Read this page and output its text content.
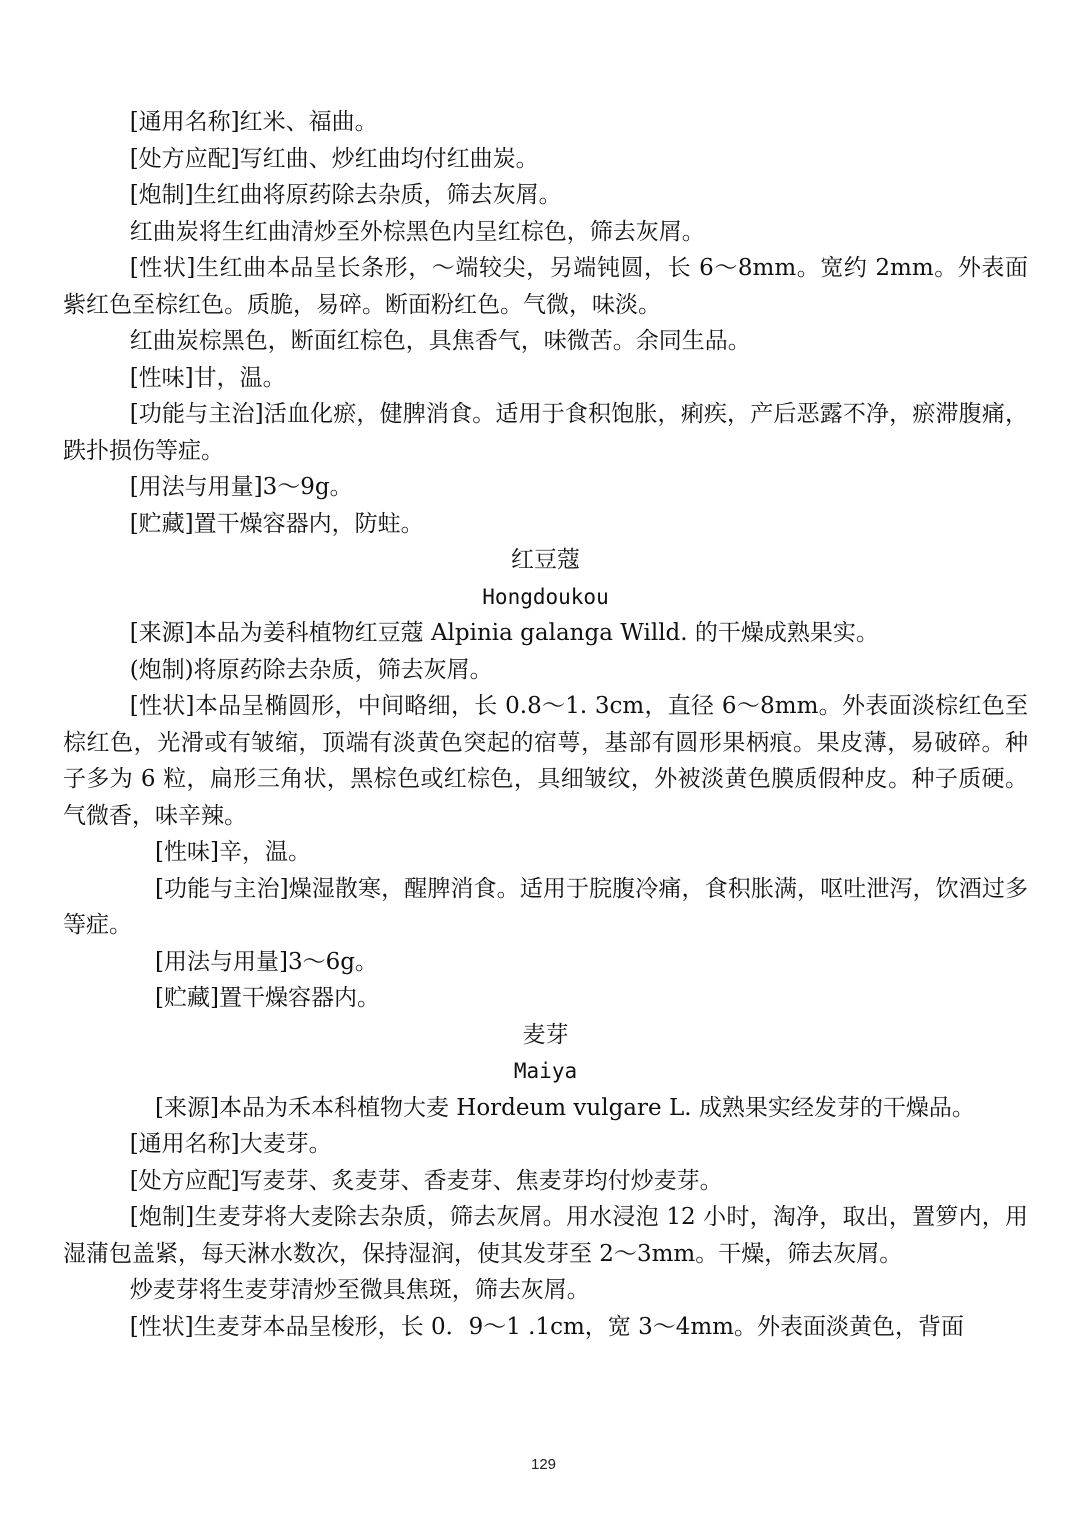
[通用名称]红米、福曲。

[处方应配]写红曲、炒红曲均付红曲炭。

[炮制]生红曲将原药除去杂质，筛去灰屑。

红曲炭将生红曲清炒至外棕黑色内呈红棕色，筛去灰屑。

[性状]生红曲本品呈长条形，～端较尖，另端钝圆，长 6～8mm。宽约 2mm。外表面紫红色至棕红色。质脆，易碎。断面粉红色。气微，味淡。

红曲炭棕黑色，断面红棕色，具焦香气，味微苦。余同生品。

[性味]甘，温。

[功能与主治]活血化瘀，健脾消食。适用于食积饱胀，痢疾，产后恶露不净，瘀滞腹痛，跌扑损伤等症。

[用法与用量]3～9g。

[贮藏]置干燥容器内，防蛀。

红豆蔻

Hongdoukou

[来源]本品为姜科植物红豆蔻 Alpinia galanga Willd. 的干燥成熟果实。

(炮制)将原药除去杂质，筛去灰屑。

[性状]本品呈椭圆形，中间略细，长 0.8～1. 3cm，直径 6～8mm。外表面淡棕红色至棕红色，光滑或有皱缩，顶端有淡黄色突起的宿萼，基部有圆形果柄痕。果皮薄，易破碎。种子多为 6 粒，扁形三角状，黑棕色或红棕色，具细皱纹，外被淡黄色膜质假种皮。种子质硬。气微香，味辛辣。

[性味]辛，温。

[功能与主治]燥湿散寒，醒脾消食。适用于脘腹冷痛，食积胀满，呕吐泄泻，饮酒过多等症。

[用法与用量]3～6g。

[贮藏]置干燥容器内。

麦芽

Maiya

[来源]本品为禾本科植物大麦 Hordeum vulgare L. 成熟果实经发芽的干燥品。

[通用名称]大麦芽。

[处方应配]写麦芽、炙麦芽、香麦芽、焦麦芽均付炒麦芽。

[炮制]生麦芽将大麦除去杂质，筛去灰屑。用水浸泡 12 小时，淘净，取出，置箩内，用湿蒲包盖紧，每天淋水数次，保持湿润，使其发芽至 2～3mm。干燥，筛去灰屑。

炒麦芽将生麦芽清炒至微具焦斑，筛去灰屑。

[性状]生麦芽本品呈梭形，长 0．9～1 .1cm，宽 3～4mm。外表面淡黄色，背面

129
